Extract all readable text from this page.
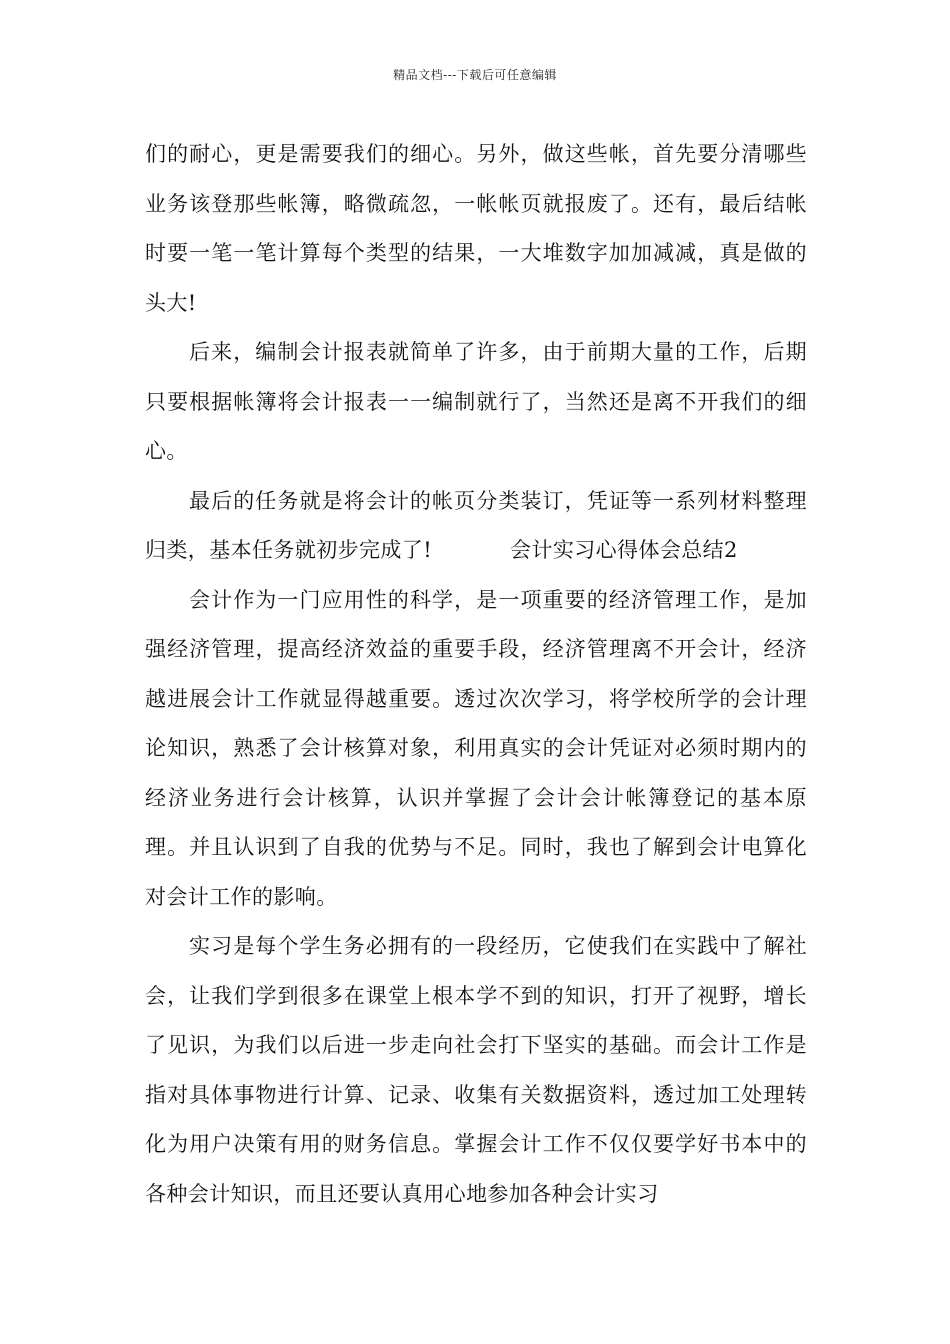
精品文档---下载后可任意编辑

们的耐心，更是需要我们的细心。另外，做这些帐，首先要分清哪些业务该登那些帐簿，略微疏忽，一帐帐页就报废了。还有，最后结帐时要一笔一笔计算每个类型的结果，一大堆数字加加减减，真是做的头大!

后来，编制会计报表就简单了许多，由于前期大量的工作，后期只要根据帐簿将会计报表一一编制就行了，当然还是离不开我们的细心。

最后的任务就是将会计的帐页分类装订，凭证等一系列材料整理归类，基本任务就初步完成了!	会计实习心得体会总结2

会计作为一门应用性的科学，是一项重要的经济管理工作，是加强经济管理，提高经济效益的重要手段，经济管理离不开会计，经济越进展会计工作就显得越重要。透过次次学习，将学校所学的会计理论知识，熟悉了会计核算对象，利用真实的会计凭证对必须时期内的经济业务进行会计核算，认识并掌握了会计会计帐簿登记的基本原理。并且认识到了自我的优势与不足。同时，我也了解到会计电算化对会计工作的影响。

实习是每个学生务必拥有的一段经历，它使我们在实践中了解社会，让我们学到很多在课堂上根本学不到的知识，打开了视野，增长了见识，为我们以后进一步走向社会打下坚实的基础。而会计工作是指对具体事物进行计算、记录、收集有关数据资料，透过加工处理转化为用户决策有用的财务信息。掌握会计工作不仅仅要学好书本中的各种会计知识，而且还要认真用心地参加各种会计实习
